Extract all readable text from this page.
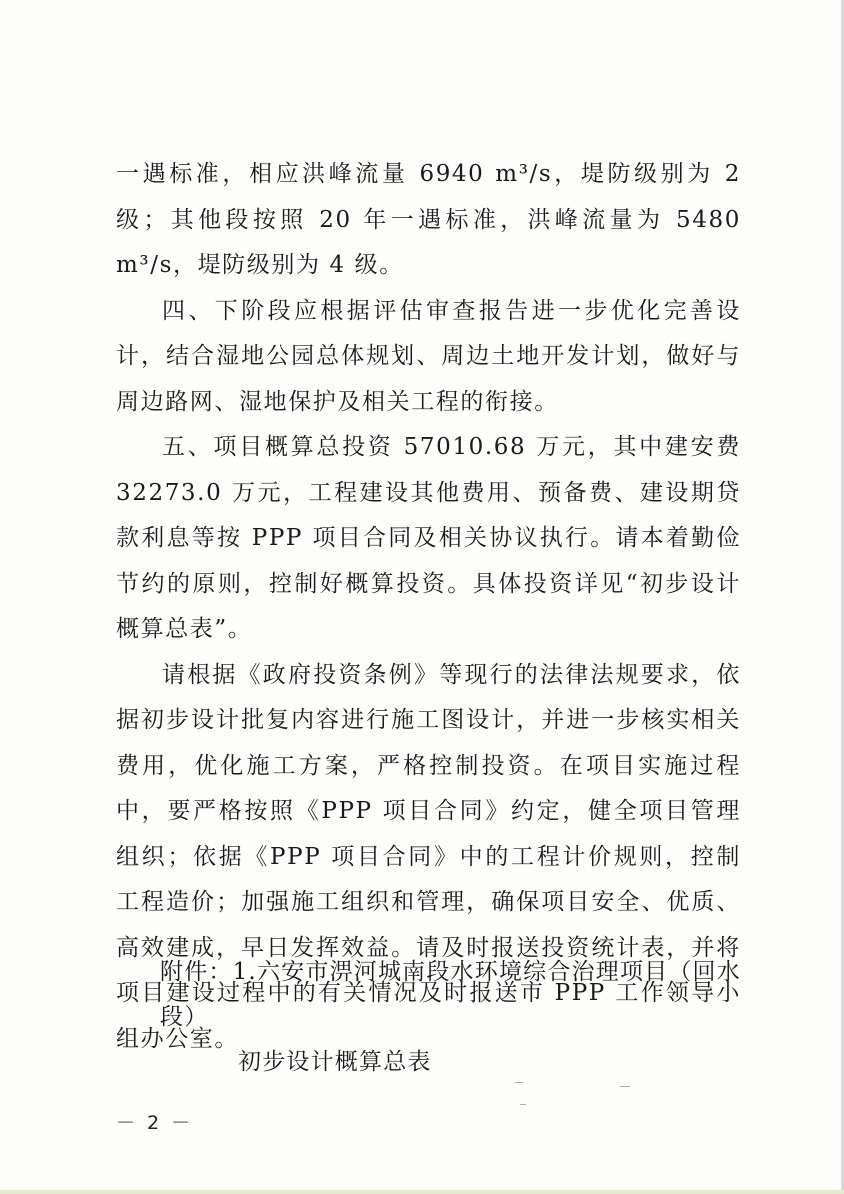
一遇标准，相应洪峰流量 6940 m³/s，堤防级别为 2 级；其他段按照 20 年一遇标准，洪峰流量为 5480 m³/s，堤防级别为 4 级。

四、下阶段应根据评估审查报告进一步优化完善设计，结合湿地公园总体规划、周边土地开发计划，做好与周边路网、湿地保护及相关工程的衔接。

五、项目概算总投资 57010.68 万元，其中建安费 32273.0 万元，工程建设其他费用、预备费、建设期贷款利息等按 PPP 项目合同及相关协议执行。请本着勤俭节约的原则，控制好概算投资。具体投资详见“初步设计概算总表”。

请根据《政府投资条例》等现行的法律法规要求，依据初步设计批复内容进行施工图设计，并进一步核实相关费用，优化施工方案，严格控制投资。在项目实施过程中，要严格按照《PPP 项目合同》约定，健全项目管理组织；依据《PPP 项目合同》中的工程计价规则，控制工程造价；加强施工组织和管理，确保项目安全、优质、高效建成，早日发挥效益。请及时报送投资统计表，并将项目建设过程中的有关情况及时报送市 PPP 工作领导小组办公室。

附件：1.六安市淠河城南段水环境综合治理项目（回水段）
初步设计概算总表
－ 2 －
